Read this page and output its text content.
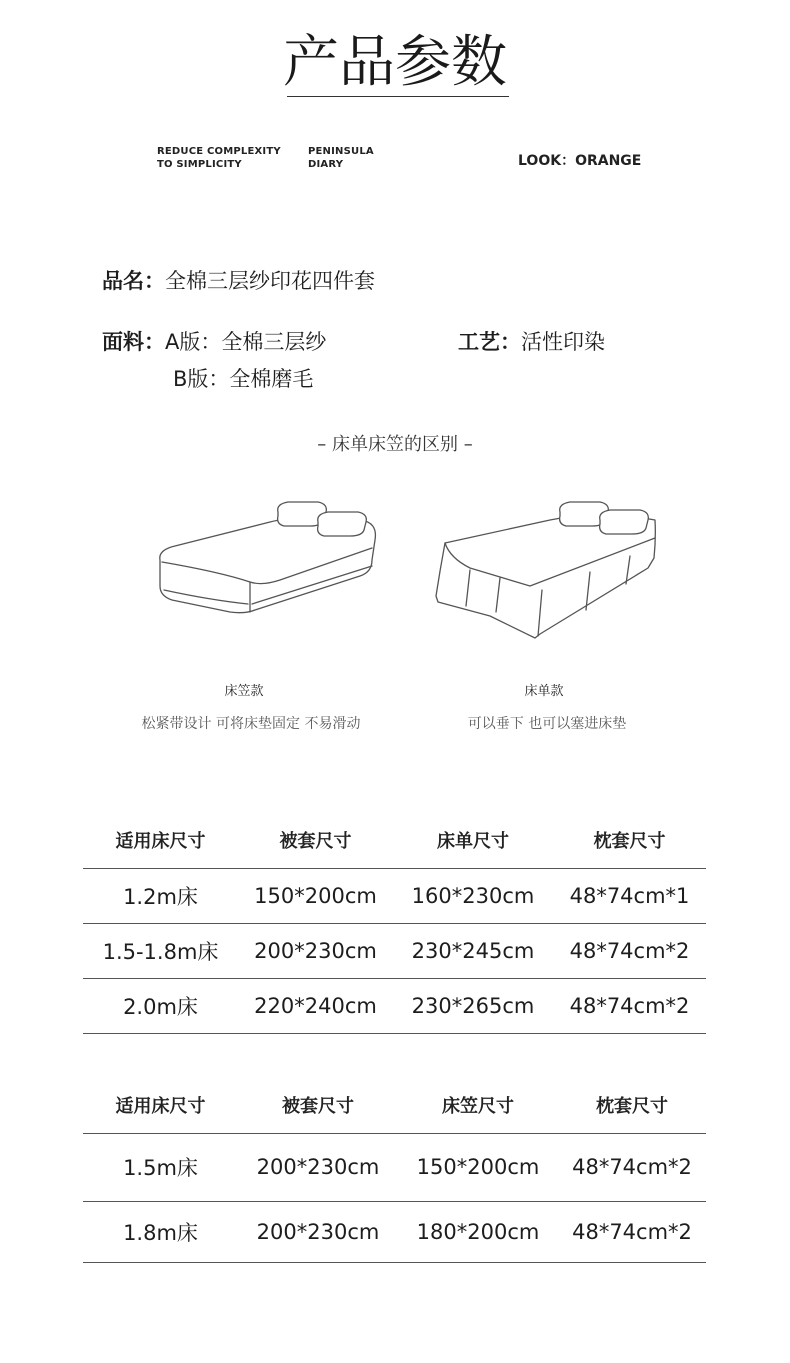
产品参数
REDUCE COMPLEXITY
TO SIMPLICITY
PENINSULA
DIARY	LOOK：ORANGE
品名：全棉三层纱印花四件套
面料：A版：全棉三层纱
B版：全棉磨毛
工艺：活性印染
– 床单床笠的区别 –
床笠款
松紧带设计 可将床垫固定 不易滑动
床单款
可以垂下 也可以塞进床垫
适用床尺寸	被套尺寸	床单尺寸	枕套尺寸
1.2m床	150*200cm	160*230cm	48*74cm*1
1.5-1.8m床	200*230cm	230*245cm	48*74cm*2
2.0m床	220*240cm	230*265cm	48*74cm*2
适用床尺寸	被套尺寸	床笠尺寸	枕套尺寸
1.5m床	200*230cm	150*200cm	48*74cm*2
1.8m床	200*230cm	180*200cm	48*74cm*2
